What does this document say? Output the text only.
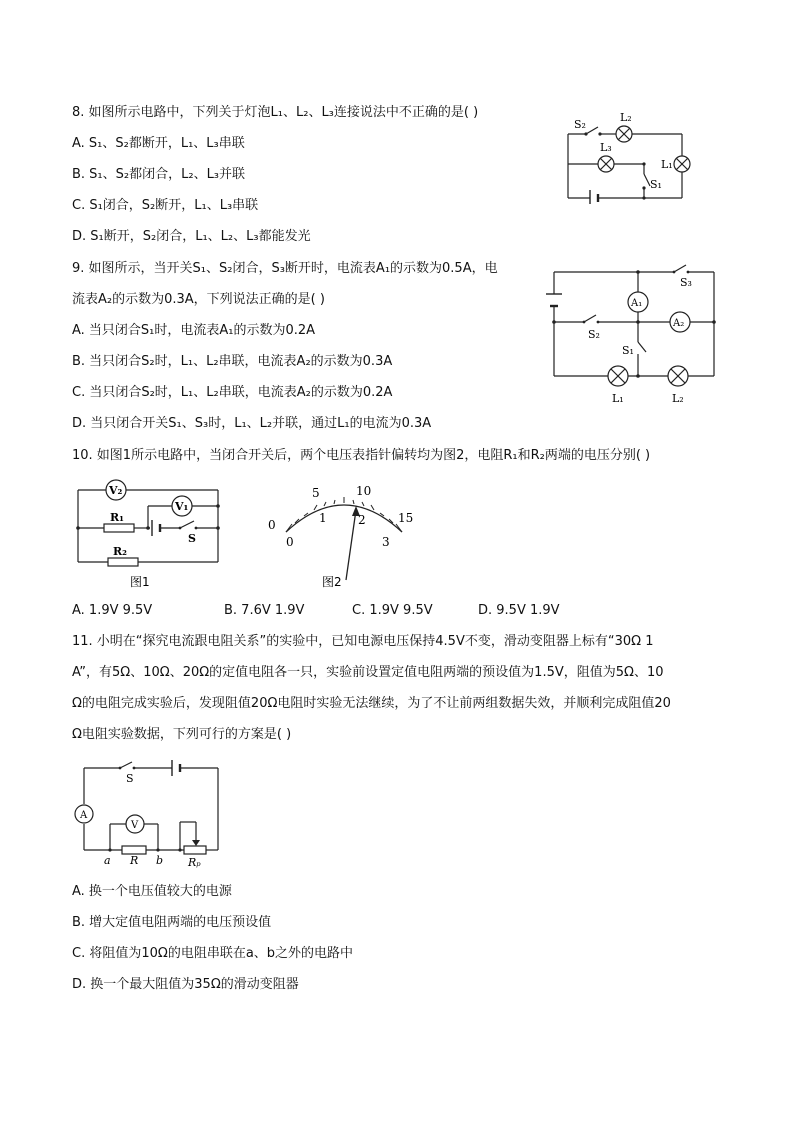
8. 如图所示电路中，下列关于灯泡L₁、L₂、L₃连接说法中不正确的是( )
A. S₁、S₂都断开，L₁、L₃串联
B. S₁、S₂都闭合，L₂、L₃并联
C. S₁闭合，S₂断开，L₁、L₃串联
D. S₁断开，S₂闭合，L₁、L₂、L₃都能发光
S₂
L₂
L₃
L₁
S₁
9. 如图所示，当开关S₁、S₂闭合，S₃断开时，电流表A₁的示数为0.5A，电
流表A₂的示数为0.3A，下列说法正确的是( )
A. 当只闭合S₁时，电流表A₁的示数为0.2A
B. 当只闭合S₂时，L₁、L₂串联，电流表A₂的示数为0.3A
C. 当只闭合S₂时，L₁、L₂串联，电流表A₂的示数为0.2A
D. 当只闭合开关S₁、S₃时，L₁、L₂并联，通过L₁的电流为0.3A
S₃
A₁
A₂
S₂
S₁
L₁	L₂
10. 如图1所示电路中，当闭合开关后，两个电压表指针偏转均为图2，电阻R₁和R₂两端的电压分别( )
V₂
V₁
R₁
S
R₂
图1
0
5	10
15
0
1	2
3
图2
A. 1.9V 9.5V	B. 7.6V 1.9V	C. 1.9V 9.5V	D. 9.5V 1.9V
11. 小明在“探究电流跟电阻关系”的实验中，已知电源电压保持4.5V不变，滑动变阻器上标有“30Ω 1
A”，有5Ω、10Ω、20Ω的定值电阻各一只，实验前设置定值电阻两端的预设值为1.5V，阻值为5Ω、10
Ω的电阻完成实验后，发现阻值20Ω电阻时实验无法继续，为了不让前两组数据失效，并顺利完成阻值20
Ω电阻实验数据，下列可行的方案是( )
S
A
V
a R b Rₚ
A. 换一个电压值较大的电源
B. 增大定值电阻两端的电压预设值
C. 将阻值为10Ω的电阻串联在a、b之外的电路中
D. 换一个最大阻值为35Ω的滑动变阻器
